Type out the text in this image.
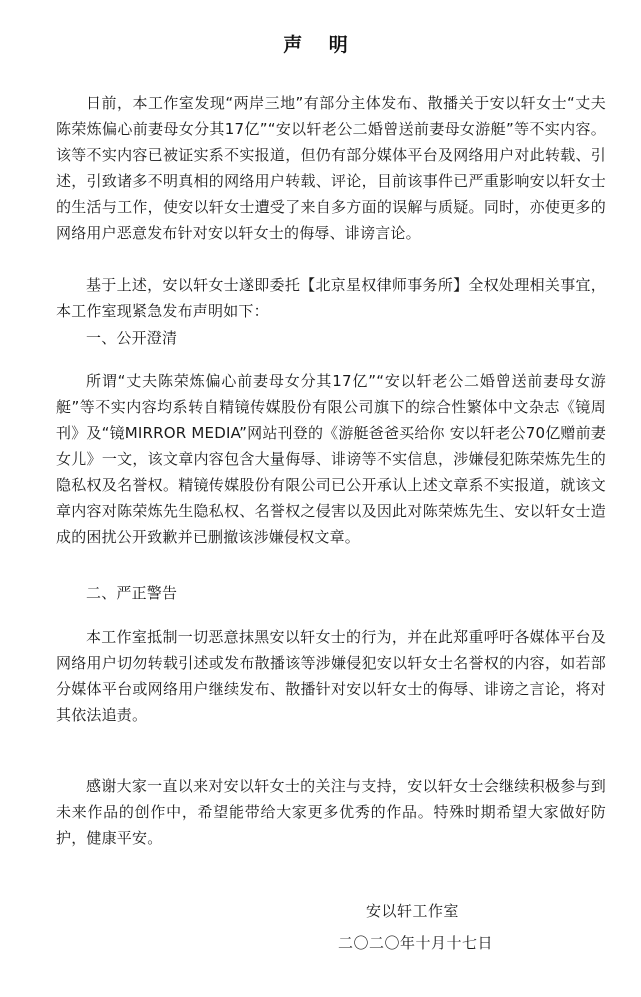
声 明

日前，本工作室发现“两岸三地”有部分主体发布、散播关于安以轩女士“丈夫陈荣炼偏心前妻母女分其17亿”“安以轩老公二婚曾送前妻母女游艇”等不实内容。该等不实内容已被证实系不实报道，但仍有部分媒体平台及网络用户对此转载、引述，引致诸多不明真相的网络用户转载、评论，目前该事件已严重影响安以轩女士的生活与工作，使安以轩女士遭受了来自多方面的误解与质疑。同时，亦使更多的网络用户恶意发布针对安以轩女士的侮辱、诽谤言论。

基于上述，安以轩女士遂即委托【北京星权律师事务所】全权处理相关事宜，本工作室现紧急发布声明如下：

一、公开澄清

所谓“丈夫陈荣炼偏心前妻母女分其17亿”“安以轩老公二婚曾送前妻母女游艇”等不实内容均系转自精镜传媒股份有限公司旗下的综合性繁体中文杂志《镜周刊》及“镜MIRROR MEDIA”网站刊登的《游艇爸爸买给你 安以轩老公70亿赠前妻女儿》一文，该文章内容包含大量侮辱、诽谤等不实信息，涉嫌侵犯陈荣炼先生的隐私权及名誉权。精镜传媒股份有限公司已公开承认上述文章系不实报道，就该文章内容对陈荣炼先生隐私权、名誉权之侵害以及因此对陈荣炼先生、安以轩女士造成的困扰公开致歉并已删撤该涉嫌侵权文章。

二、严正警告

本工作室抵制一切恶意抹黑安以轩女士的行为，并在此郑重呼吁各媒体平台及网络用户切勿转载引述或发布散播该等涉嫌侵犯安以轩女士名誉权的内容，如若部分媒体平台或网络用户继续发布、散播针对安以轩女士的侮辱、诽谤之言论，将对其依法追责。

感谢大家一直以来对安以轩女士的关注与支持，安以轩女士会继续积极参与到未来作品的创作中，希望能带给大家更多优秀的作品。特殊时期希望大家做好防护，健康平安。

安以轩工作室
二〇二〇年十月十七日
